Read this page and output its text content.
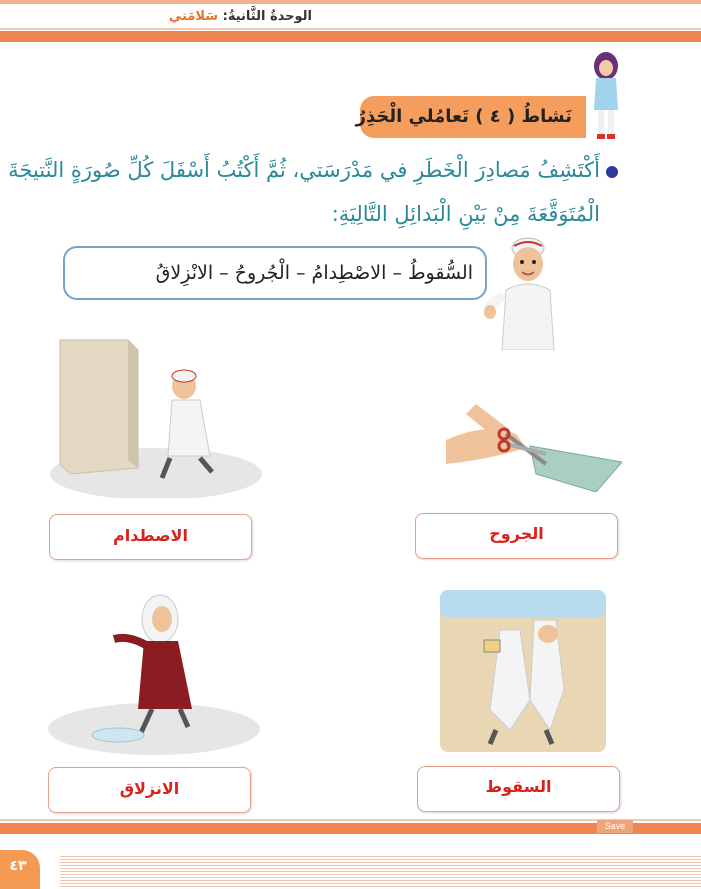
الوحدةُ الثَّانيةُ: سَلامَتي
نَشاطُ ( ٤ ) تَعامُلي الْحَذِرُ
أَكْتَشِفُ مَصادِرَ الْخَطَرِ في مَدْرَسَتي، ثُمَّ أَكْتُبُ أَسْفَلَ كُلِّ صُورَةٍ النَّتيجَةَ
الْمُتَوَقَّعَةَ مِنْ بَيْنِ الْبَدائِلِ التَّالِيَةِ:
السُّقوطُ – الاصْطِدامُ – الْجُروحُ – الانْزِلاقُ
الجروح
الاصطدام
السقوط
الانزلاق
Save
٤٣
